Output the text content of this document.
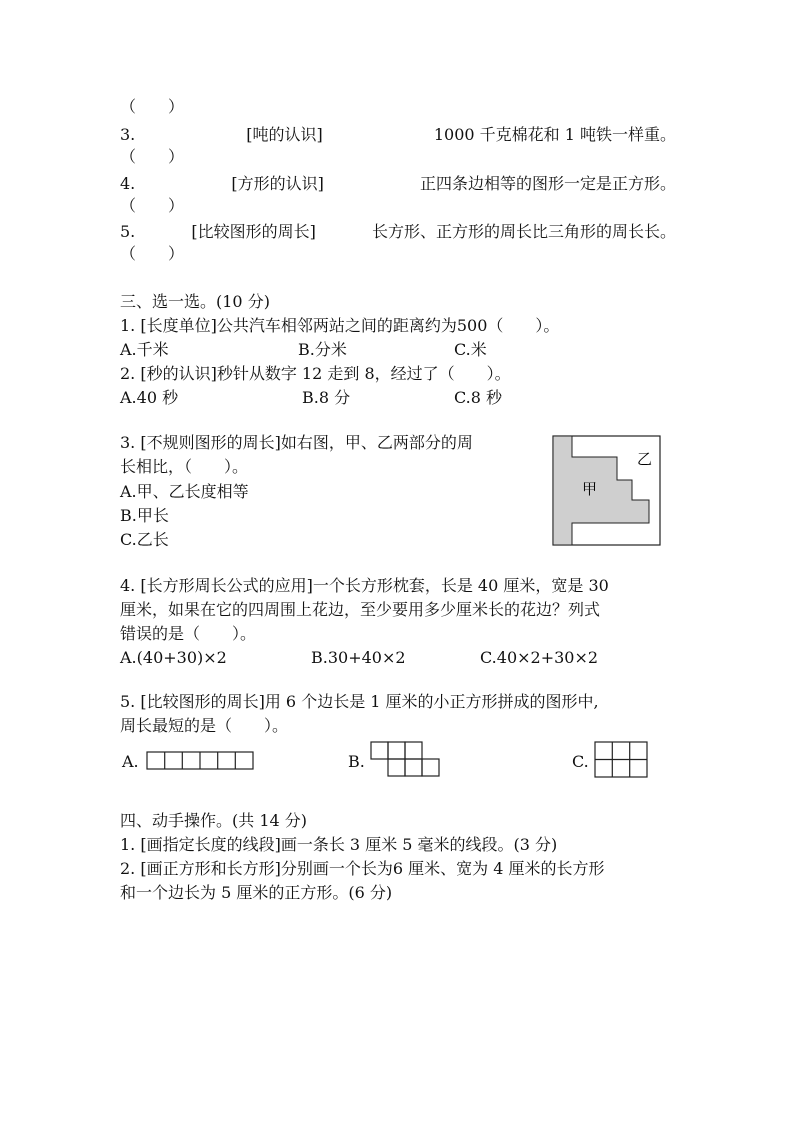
（　　）
3.	[吨的认识]	1000 千克棉花和 1 吨铁一样重。
（　　）
4.	[方形的认识]	正四条边相等的图形一定是正方形。
（　　）
5.	[比较图形的周长]	长方形、正方形的周长比三角形的周长长。
（　　）
三、选一选。(10 分)
1. [长度单位]公共汽车相邻两站之间的距离约为500（　　）。
A.千米	B.分米	C.米
2. [秒的认识]秒针从数字 12 走到 8，经过了（　　）。
A.40 秒	B.8 分	C.8 秒
3. [不规则图形的周长]如右图，甲、乙两部分的周
长相比，（　　）。
A.甲、乙长度相等
B.甲长
C.乙长
甲
乙
4. [长方形周长公式的应用]一个长方形枕套，长是 40 厘米，宽是 30
厘米，如果在它的四周围上花边，至少要用多少厘米长的花边？列式
错误的是（　　）。
A.(40+30)×2	B.30+40×2	C.40×2+30×2
5. [比较图形的周长]用 6 个边长是 1 厘米的小正方形拼成的图形中,
周长最短的是（　　）。
A.	B.	C.
四、动手操作。(共 14 分)
1. [画指定长度的线段]画一条长 3 厘米 5 毫米的线段。(3 分)
2. [画正方形和长方形]分别画一个长为6 厘米、宽为 4 厘米的长方形
和一个边长为 5 厘米的正方形。(6 分)
